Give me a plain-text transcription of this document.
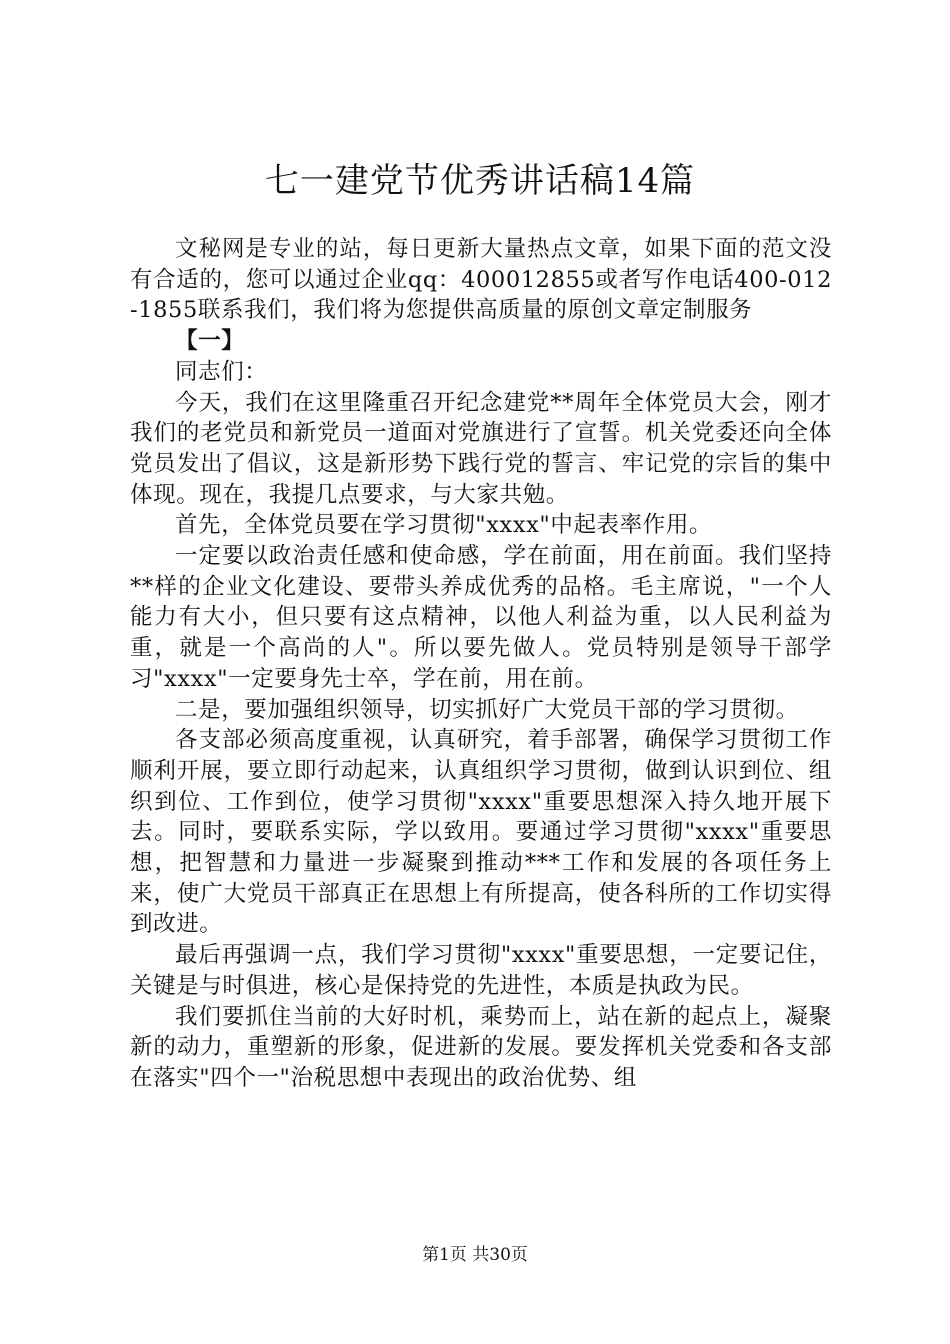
七一建党节优秀讲话稿14篇

文秘网是专业的站，每日更新大量热点文章，如果下面的范文没有合适的，您可以通过企业qq：400012855或者写作电话400-012-1855联系我们，我们将为您提供高质量的原创文章定制服务

【一】

同志们：

今天，我们在这里隆重召开纪念建党**周年全体党员大会，刚才我们的老党员和新党员一道面对党旗进行了宣誓。机关党委还向全体党员发出了倡议，这是新形势下践行党的誓言、牢记党的宗旨的集中体现。现在，我提几点要求，与大家共勉。

首先，全体党员要在学习贯彻"xxxx"中起表率作用。

一定要以政治责任感和使命感，学在前面，用在前面。我们坚持**样的企业文化建设、要带头养成优秀的品格。毛主席说，"一个人能力有大小，但只要有这点精神，以他人利益为重，以人民利益为重，就是一个高尚的人"。所以要先做人。党员特别是领导干部学习"xxxx"一定要身先士卒，学在前，用在前。

二是，要加强组织领导，切实抓好广大党员干部的学习贯彻。

各支部必须高度重视，认真研究，着手部署，确保学习贯彻工作顺利开展，要立即行动起来，认真组织学习贯彻，做到认识到位、组织到位、工作到位，使学习贯彻"xxxx"重要思想深入持久地开展下去。同时，要联系实际，学以致用。要通过学习贯彻"xxxx"重要思想，把智慧和力量进一步凝聚到推动***工作和发展的各项任务上来，使广大党员干部真正在思想上有所提高，使各科所的工作切实得到改进。

最后再强调一点，我们学习贯彻"xxxx"重要思想，一定要记住，关键是与时俱进，核心是保持党的先进性，本质是执政为民。

我们要抓住当前的大好时机，乘势而上，站在新的起点上，凝聚新的动力，重塑新的形象，促进新的发展。要发挥机关党委和各支部在落实"四个一"治税思想中表现出的政治优势、组

第1页 共30页
